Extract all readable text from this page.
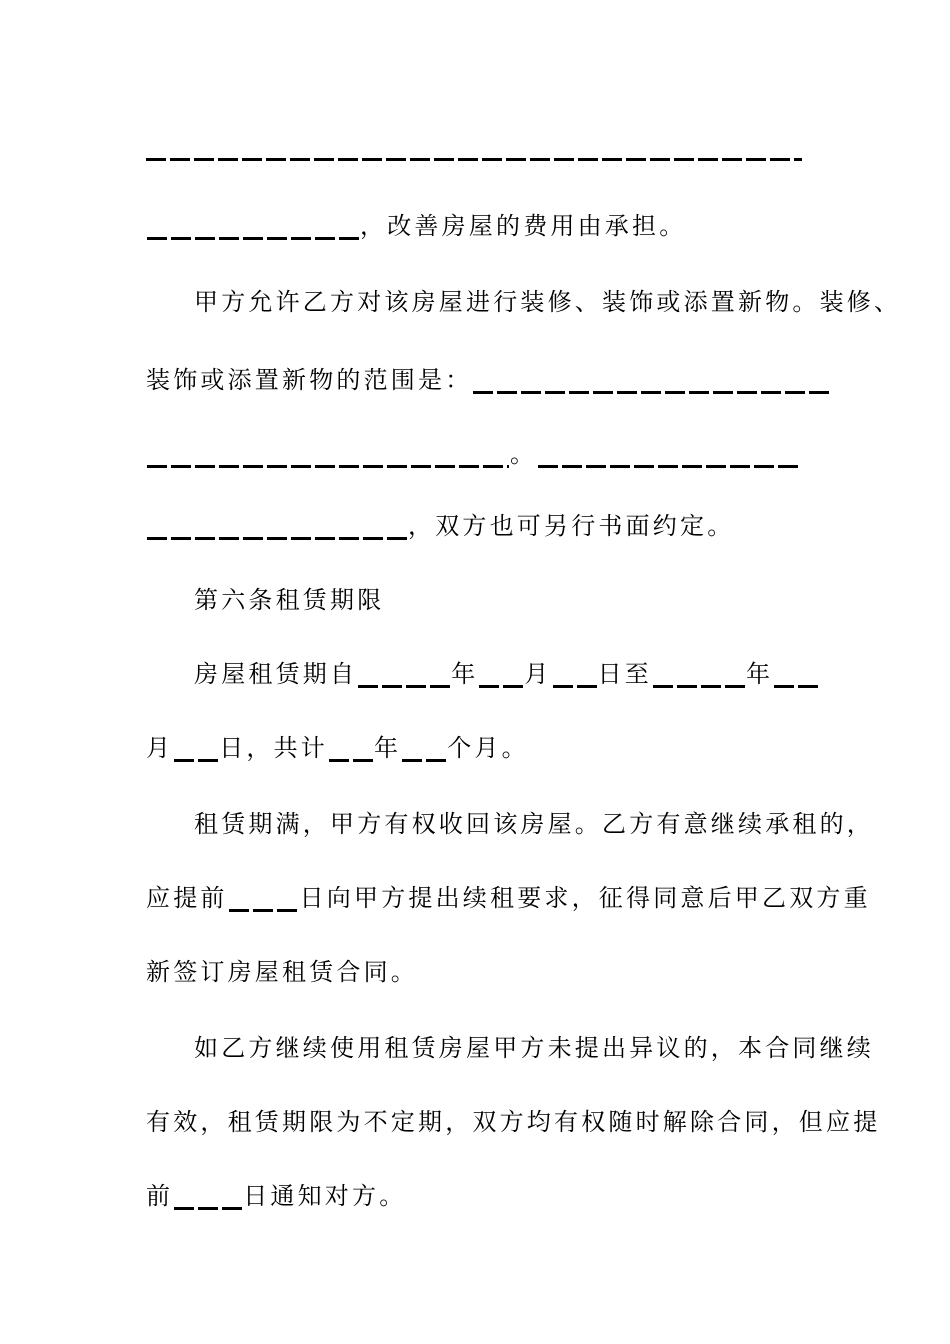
，改善房屋的费用由承担。
甲方允许乙方对该房屋进行装修、装饰或添置新物。装修、
装饰或添置新物的范围是：
。
，双方也可另行书面约定。
第六条租赁期限
房屋租赁期自	年 月 日至	年
月 日，共计 年 个月。
租赁期满，甲方有权收回该房屋。乙方有意继续承租的，
应提前	日向甲方提出续租要求，征得同意后甲乙双方重
新签订房屋租赁合同。
如乙方继续使用租赁房屋甲方未提出异议的，本合同继续
有效，租赁期限为不定期，双方均有权随时解除合同，但应提
前	日通知对方。
